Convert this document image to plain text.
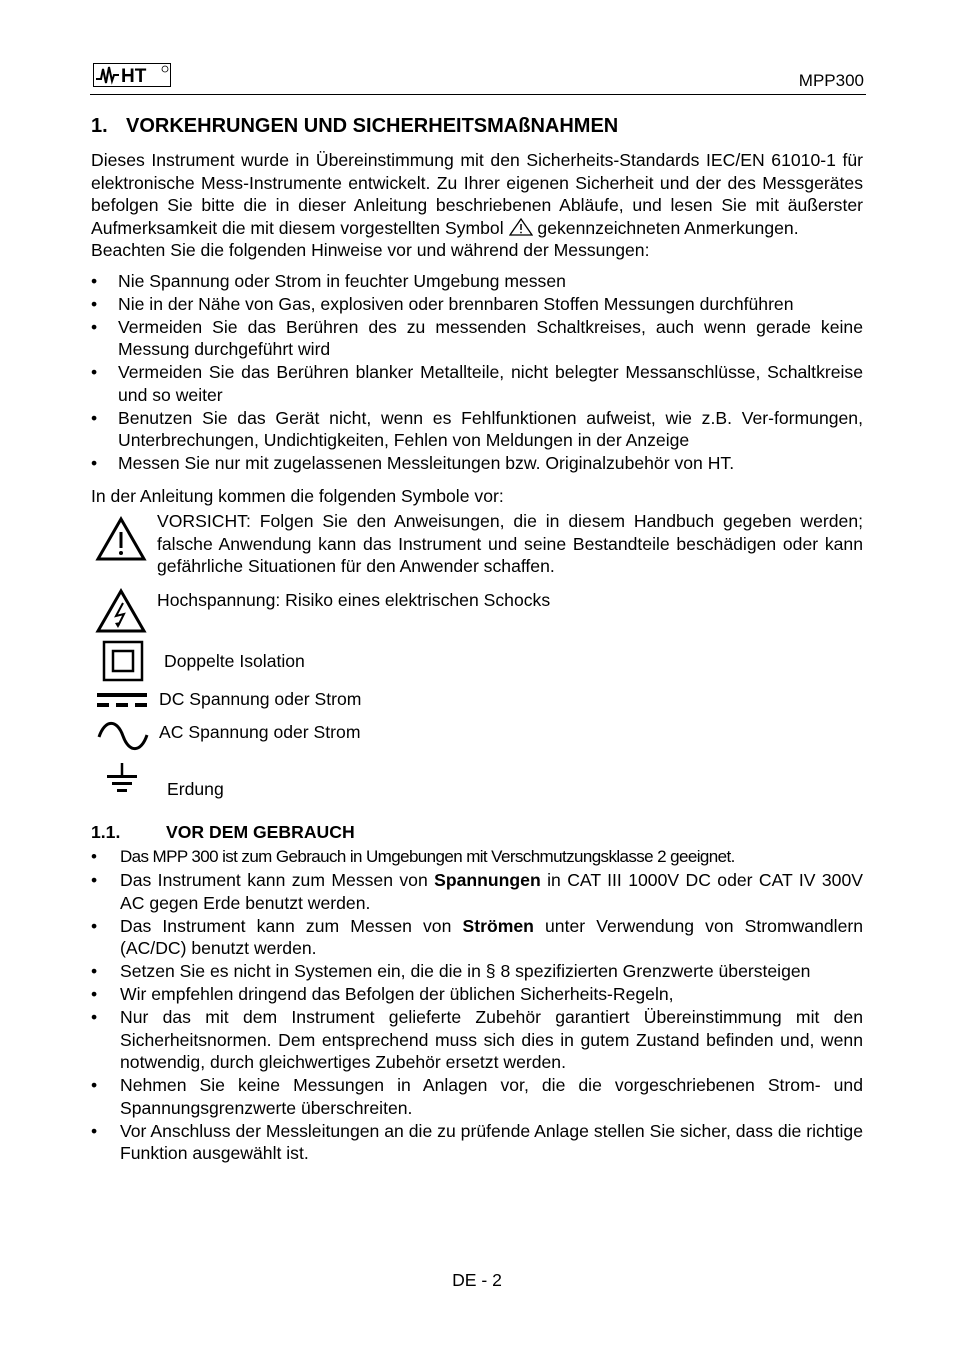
HT	MPP300
1. VORKEHRUNGEN UND SICHERHEITSMAßNAHMEN

Dieses Instrument wurde in Übereinstimmung mit den Sicherheits-Standards IEC/EN 61010-1 für elektronische Mess-Instrumente entwickelt. Zu Ihrer eigenen Sicherheit und der des Messgerätes befolgen Sie bitte die in dieser Anleitung beschriebenen Abläufe, und lesen Sie mit äußerster Aufmerksamkeit die mit diesem vorgestellten Symbol gekennzeichneten Anmerkungen.

Beachten Sie die folgenden Hinweise vor und während der Messungen:

• Nie Spannung oder Strom in feuchter Umgebung messen
• Nie in der Nähe von Gas, explosiven oder brennbaren Stoffen Messungen durchführen
• Vermeiden Sie das Berühren des zu messenden Schaltkreises, auch wenn gerade keine Messung durchgeführt wird
• Vermeiden Sie das Berühren blanker Metallteile, nicht belegter Messanschlüsse, Schaltkreise und so weiter
• Benutzen Sie das Gerät nicht, wenn es Fehlfunktionen aufweist, wie z.B. Ver-formungen, Unterbrechungen, Undichtigkeiten, Fehlen von Meldungen in der Anzeige
• Messen Sie nur mit zugelassenen Messleitungen bzw. Originalzubehör von HT.

In der Anleitung kommen die folgenden Symbole vor:

VORSICHT: Folgen Sie den Anweisungen, die in diesem Handbuch gegeben werden; falsche Anwendung kann das Instrument und seine Bestandteile beschädigen oder kann gefährliche Situationen für den Anwender schaffen.
Hochspannung: Risiko eines elektrischen Schocks
Doppelte Isolation
DC Spannung oder Strom
AC Spannung oder Strom
Erdung
1.1.	VOR DEM GEBRAUCH
• Das MPP 300 ist zum Gebrauch in Umgebungen mit Verschmutzungsklasse 2 geeignet.
• Das Instrument kann zum Messen von Spannungen in CAT III 1000V DC oder CAT IV 300V AC gegen Erde benutzt werden.
• Das Instrument kann zum Messen von Strömen unter Verwendung von Stromwandlern (AC/DC) benutzt werden.
• Setzen Sie es nicht in Systemen ein, die die in § 8 spezifizierten Grenzwerte übersteigen
• Wir empfehlen dringend das Befolgen der üblichen Sicherheits-Regeln,
• Nur das mit dem Instrument gelieferte Zubehör garantiert Übereinstimmung mit den Sicherheitsnormen. Dem entsprechend muss sich dies in gutem Zustand befinden und, wenn notwendig, durch gleichwertiges Zubehör ersetzt werden.
• Nehmen Sie keine Messungen in Anlagen vor, die die vorgeschriebenen Strom- und Spannungsgrenzwerte überschreiten.
• Vor Anschluss der Messleitungen an die zu prüfende Anlage stellen Sie sicher, dass die richtige Funktion ausgewählt ist.
DE - 2
